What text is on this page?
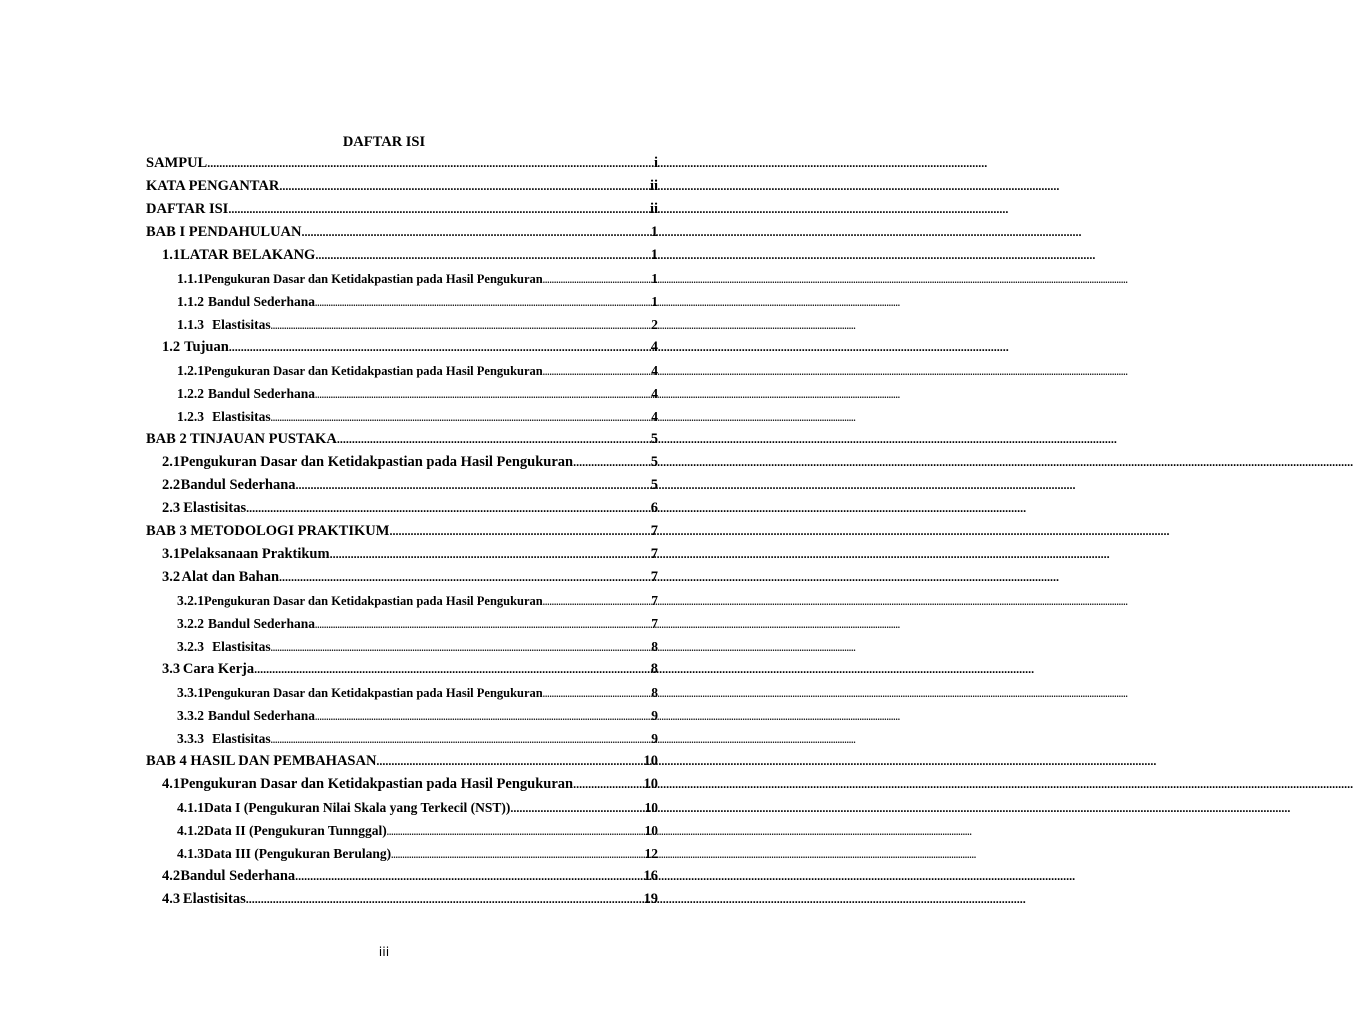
DAFTAR ISI
SAMPUL .....	i
KATA PENGANTAR .....	ii
DAFTAR ISI .....	ii
BAB I PENDAHULUAN .....	1
1.1 LATAR BELAKANG .....	1
1.1.1 Pengukuran Dasar dan Ketidakpastian pada Hasil Pengukuran .....	1
1.1.2 Bandul Sederhana .....	1
1.1.3 Elastisitas .....	2
1.2 Tujuan .....	4
1.2.1 Pengukuran Dasar dan Ketidakpastian pada Hasil Pengukuran .....	4
1.2.2 Bandul Sederhana .....	4
1.2.3 Elastisitas .....	4
BAB 2 TINJAUAN PUSTAKA .....	5
2.1 Pengukuran Dasar dan Ketidakpastian pada Hasil Pengukuran .....	5
2.2 Bandul Sederhana .....	5
2.3 Elastisitas .....	6
BAB 3 METODOLOGI PRAKTIKUM .....	7
3.1 Pelaksanaan Praktikum .....	7
3.2 Alat dan Bahan .....	7
3.2.1 Pengukuran Dasar dan Ketidakpastian pada Hasil Pengukuran .....	7
3.2.2 Bandul Sederhana .....	7
3.2.3 Elastisitas .....	8
3.3 Cara Kerja .....	8
3.3.1 Pengukuran Dasar dan Ketidakpastian pada Hasil Pengukuran .....	8
3.3.2 Bandul Sederhana .....	9
3.3.3 Elastisitas .....	9
BAB 4 HASIL DAN PEMBAHASAN .....	10
4.1 Pengukuran Dasar dan Ketidakpastian pada Hasil Pengukuran .....	10
4.1.1 Data I (Pengukuran Nilai Skala yang Terkecil (NST)) .....	10
4.1.2 Data II (Pengukuran Tunnggal) .....	10
4.1.3 Data III (Pengukuran Berulang) .....	12
4.2 Bandul Sederhana .....	16
4.3 Elastisitas .....	19
iii
